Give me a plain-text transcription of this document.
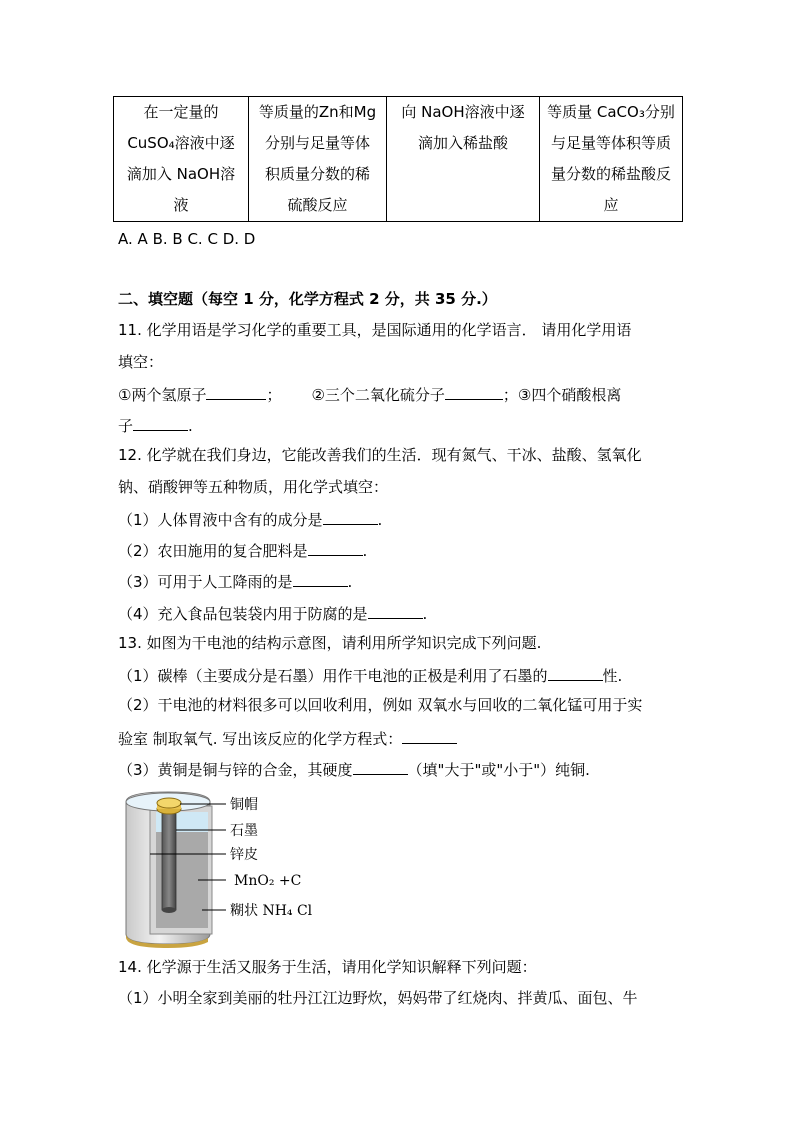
在一定量的
CuSO₄溶液中逐
滴加入 NaOH溶
液

等质量的Zn和Mg
分别与足量等体
积质量分数的稀
硫酸反应

向 NaOH溶液中逐
滴加入稀盐酸

等质量 CaCO₃分别
与足量等体积等质
量分数的稀盐酸反
应
A. A B. B C. C D. D
二、填空题（每空 1 分，化学方程式 2 分，共 35 分.）
11. 化学用语是学习化学的重要工具，是国际通用的化学语言． 请用化学用语
填空：
①两个氢原子	； ②三个二氧化硫分子	；③四个硝酸根离
子	.
12. 化学就在我们身边，它能改善我们的生活．现有氮气、干冰、盐酸、氢氧化
钠、硝酸钾等五种物质，用化学式填空：
（1）人体胃液中含有的成分是	.
（2）农田施用的复合肥料是	.
（3）可用于人工降雨的是	.
（4）充入食品包装袋内用于防腐的是	.
13. 如图为干电池的结构示意图，请利用所学知识完成下列问题.
（1）碳棒（主要成分是石墨）用作干电池的正极是利用了石墨的	性.
（2）干电池的材料很多可以回收利用，例如 双氧水与回收的二氧化锰可用于实
验室 制取氧气. 写出该反应的化学方程式：
（3）黄铜是铜与锌的合金，其硬度	（填"大于"或"小于"）纯铜.
铜帽
石墨
锌皮
MnO₂ +C
糊状 NH₄ Cl
14. 化学源于生活又服务于生活，请用化学知识解释下列问题：
（1）小明全家到美丽的牡丹江江边野炊，妈妈带了红烧肉、拌黄瓜、面包、牛
